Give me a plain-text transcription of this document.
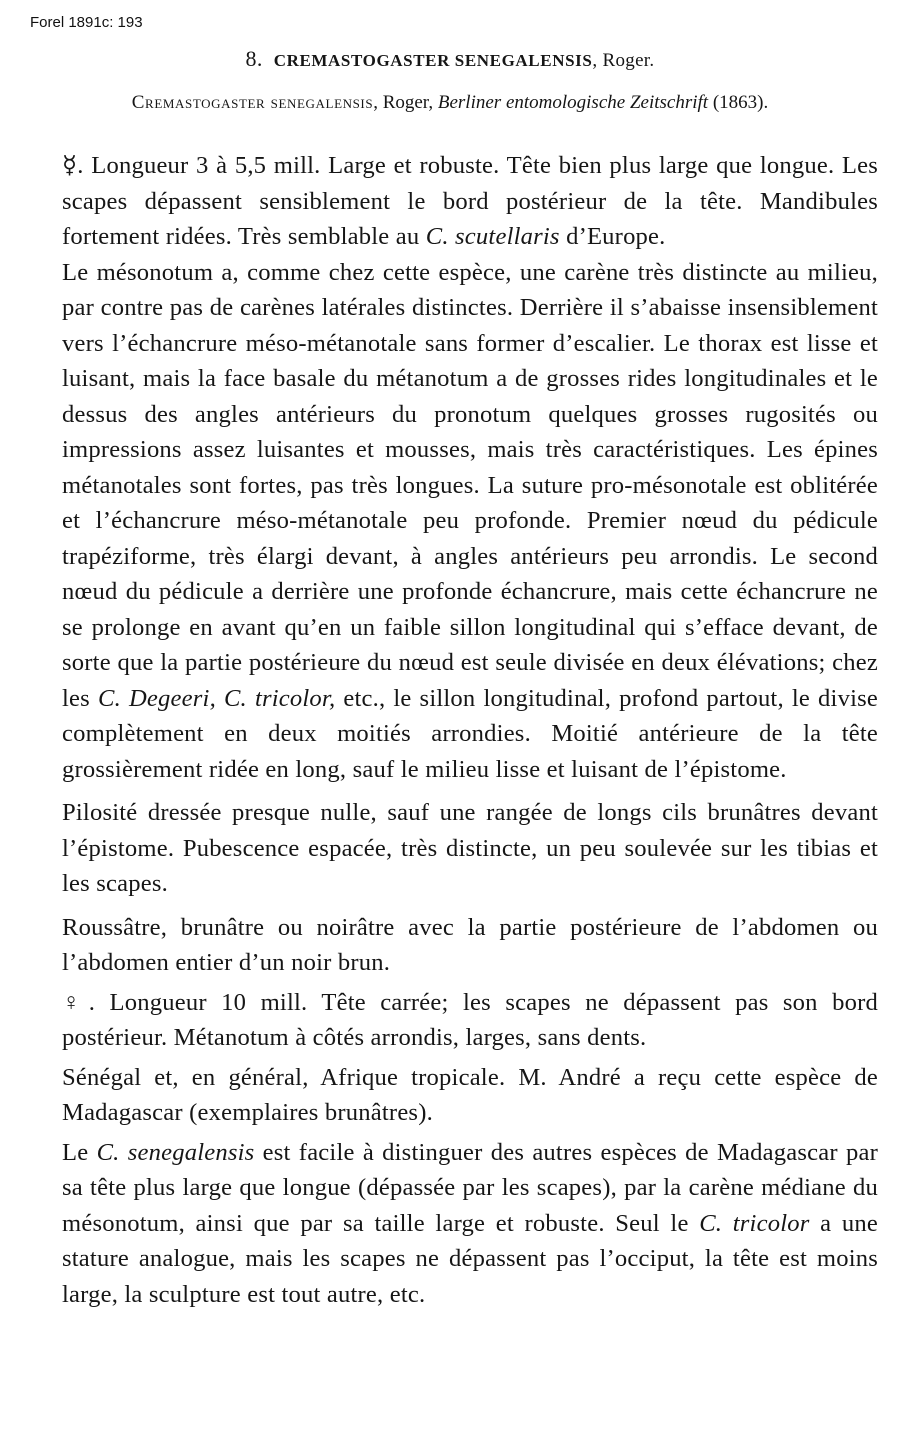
Forel 1891c: 193
8. CREMASTOGASTER SENEGALENSIS, Roger.
Cremastogaster senegalensis, Roger, Berliner entomologische Zeitschrift (1863).

☿. Longueur 3 à 5,5 mill. Large et robuste. Tête bien plus large que longue. Les scapes dépassent sensiblement le bord postérieur de la tête. Mandibules fortement ridées. Très semblable au C. scutellaris d’Europe.

Le mésonotum a, comme chez cette espèce, une carène très distincte au milieu, par contre pas de carènes latérales distinctes. Derrière il s’abaisse insensiblement vers l’échancrure méso-métanotale sans former d’escalier. Le thorax est lisse et luisant, mais la face basale du métanotum a de grosses rides longitudinales et le dessus des angles antérieurs du pronotum quelques grosses rugosités ou impressions assez luisantes et mousses, mais très caractéristiques. Les épines métanotales sont fortes, pas très longues. La suture pro-mésonotale est oblitérée et l’échancrure méso-métanotale peu profonde. Premier nœud du pédicule trapéziforme, très élargi devant, à angles antérieurs peu arrondis. Le second nœud du pédicule a derrière une profonde échancrure, mais cette échancrure ne se prolonge en avant qu’en un faible sillon longitudinal qui s’efface devant, de sorte que la partie postérieure du nœud est seule divisée en deux élévations; chez les C. Degeeri, C. tricolor, etc., le sillon longitudinal, profond partout, le divise complètement en deux moitiés arrondies. Moitié antérieure de la tête grossièrement ridée en long, sauf le milieu lisse et luisant de l’épistome.

Pilosité dressée presque nulle, sauf une rangée de longs cils brunâtres devant l’épistome. Pubescence espacée, très distincte, un peu soulevée sur les tibias et les scapes.

Roussâtre, brunâtre ou noirâtre avec la partie postérieure de l’abdomen ou l’abdomen entier d’un noir brun.

♀. Longueur 10 mill. Tête carrée; les scapes ne dépassent pas son bord postérieur. Métanotum à côtés arrondis, larges, sans dents.

Sénégal et, en général, Afrique tropicale. M. André a reçu cette espèce de Madagascar (exemplaires brunâtres).

Le C. senegalensis est facile à distinguer des autres espèces de Madagascar par sa tête plus large que longue (dépassée par les scapes), par la carène médiane du mésonotum, ainsi que par sa taille large et robuste. Seul le C. tricolor a une stature analogue, mais les scapes ne dépassent pas l’occiput, la tête est moins large, la sculpture est tout autre, etc.
